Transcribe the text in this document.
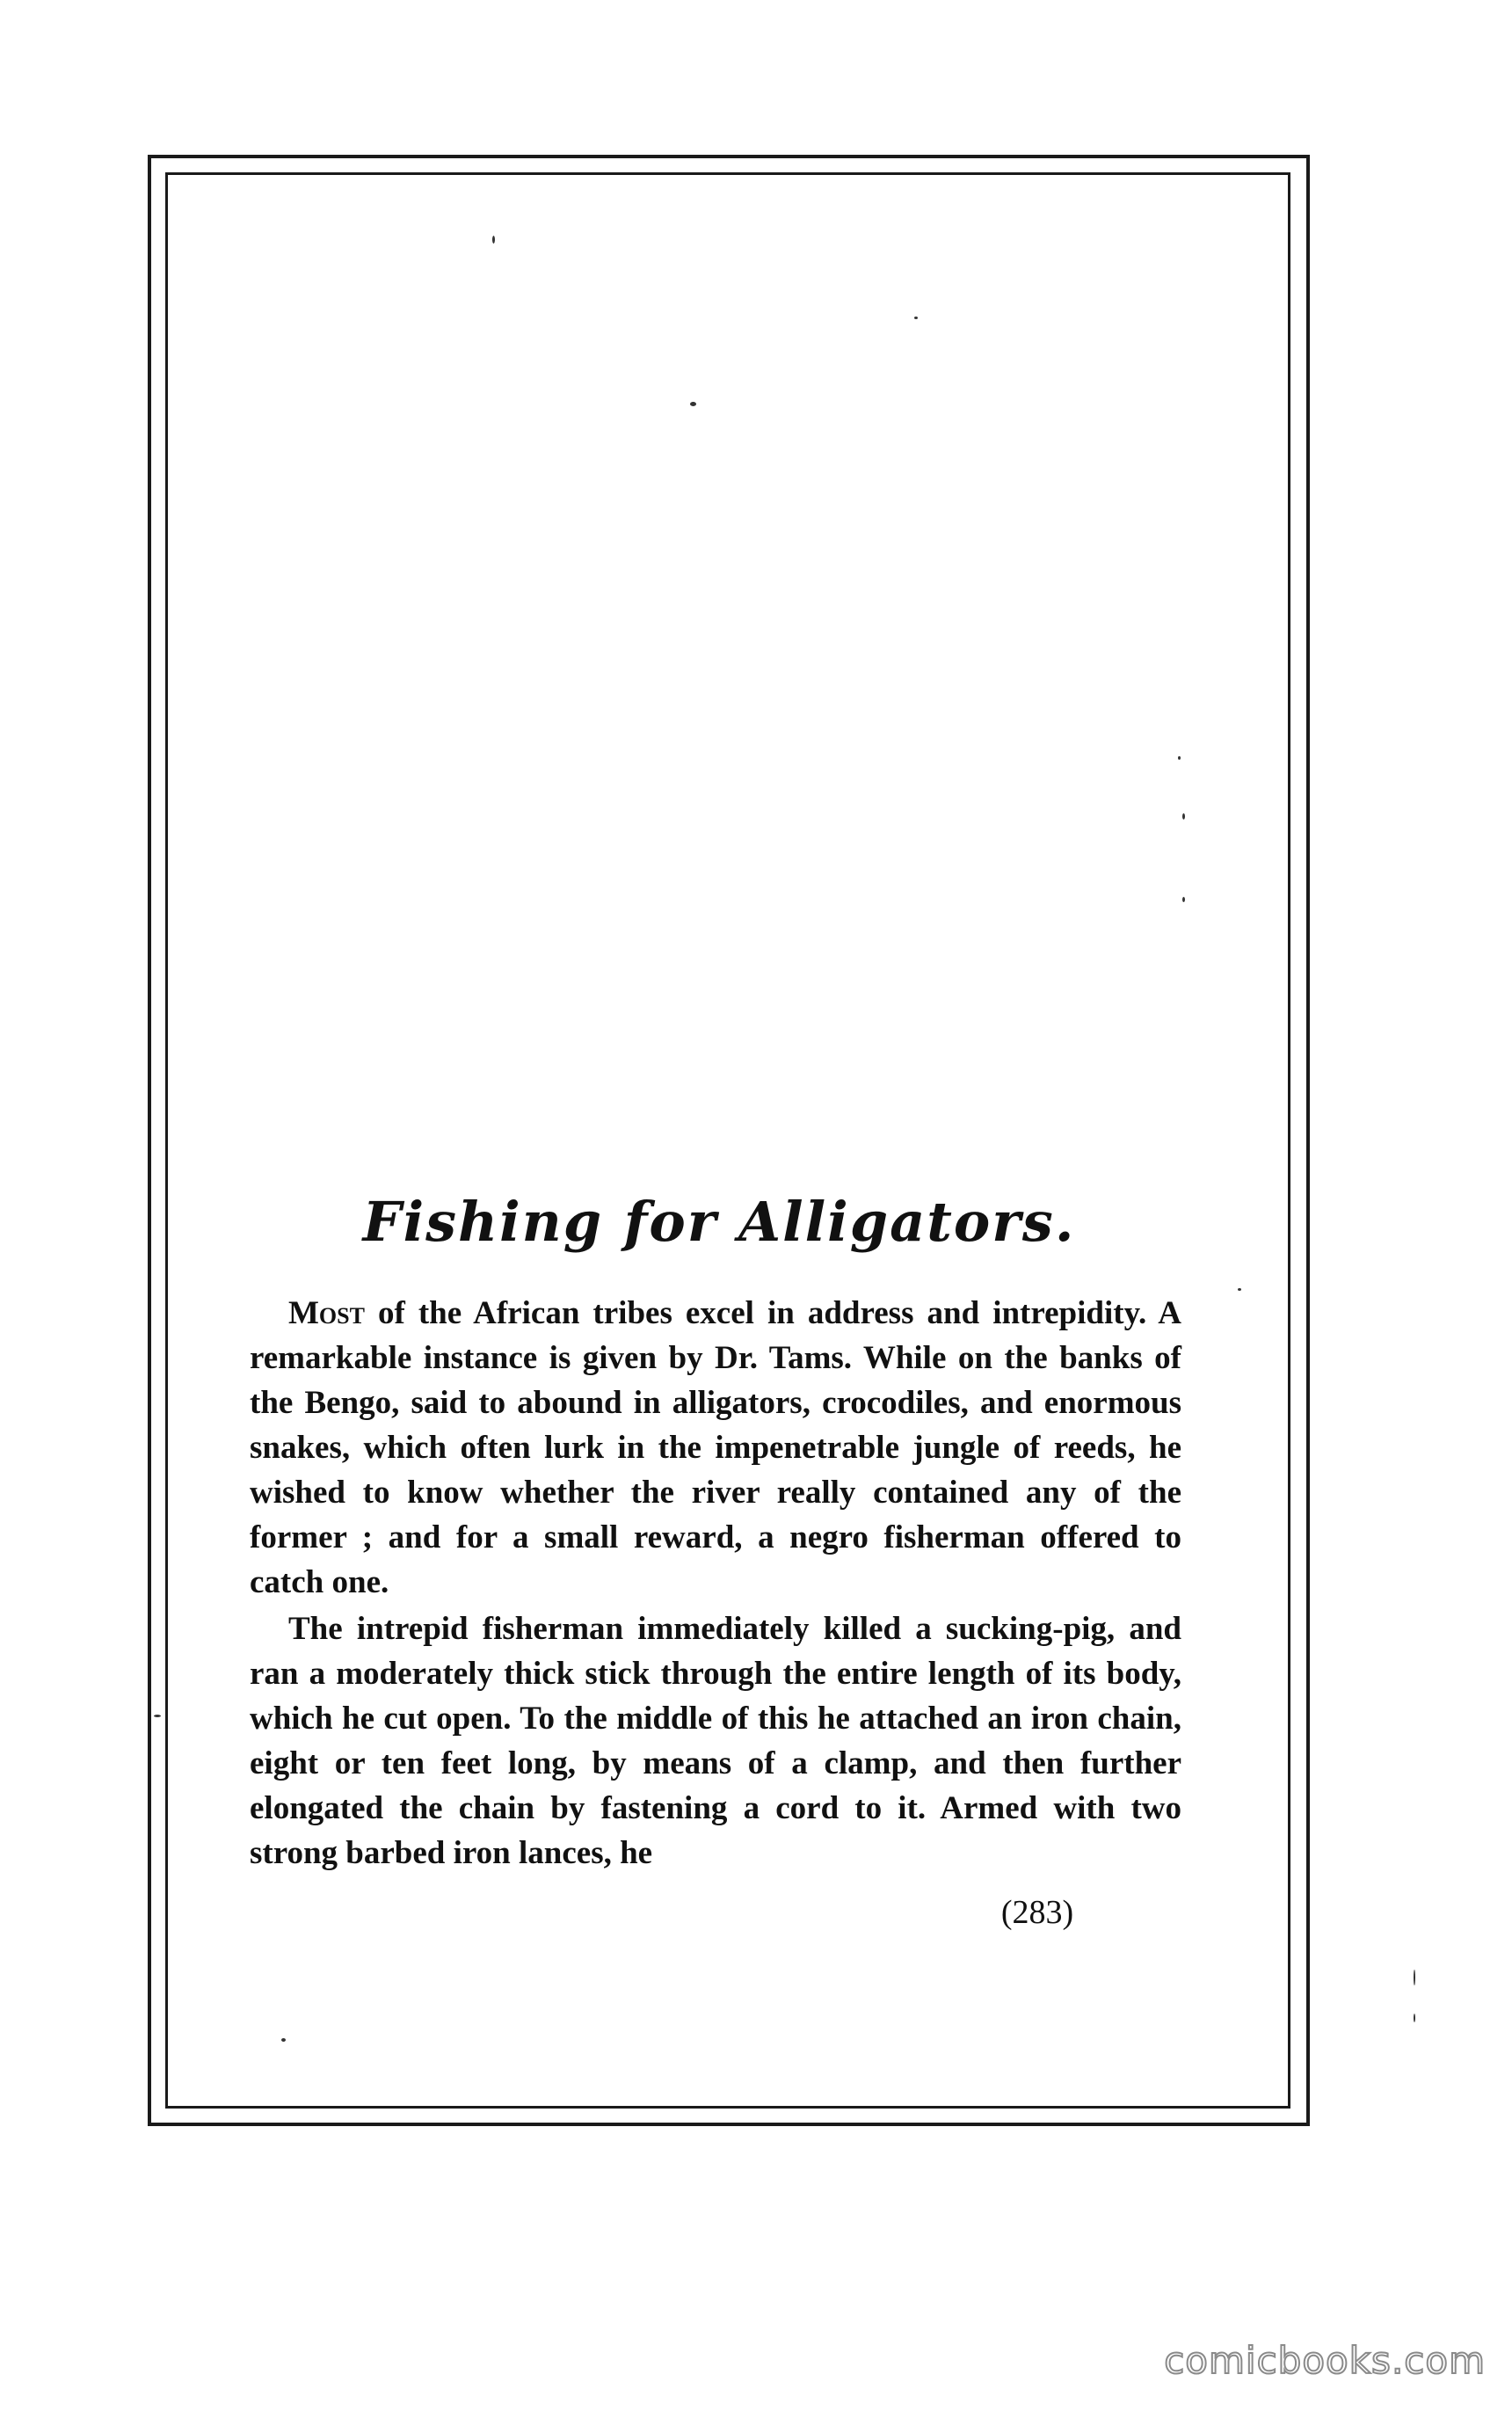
Fishing for Alligators.

Most of the African tribes excel in address and intrepidity. A remarkable instance is given by Dr. Tams. While on the banks of the Bengo, said to abound in alligators, crocodiles, and enormous snakes, which often lurk in the impenetrable jungle of reeds, he wished to know whether the river really contained any of the former ; and for a small reward, a negro fisherman offered to catch one.

The intrepid fisherman immediately killed a sucking-pig, and ran a moderately thick stick through the entire length of its body, which he cut open. To the middle of this he attached an iron chain, eight or ten feet long, by means of a clamp, and then further elongated the chain by fastening a cord to it. Armed with two strong barbed iron lances, he

(283)
comicbooks.com
